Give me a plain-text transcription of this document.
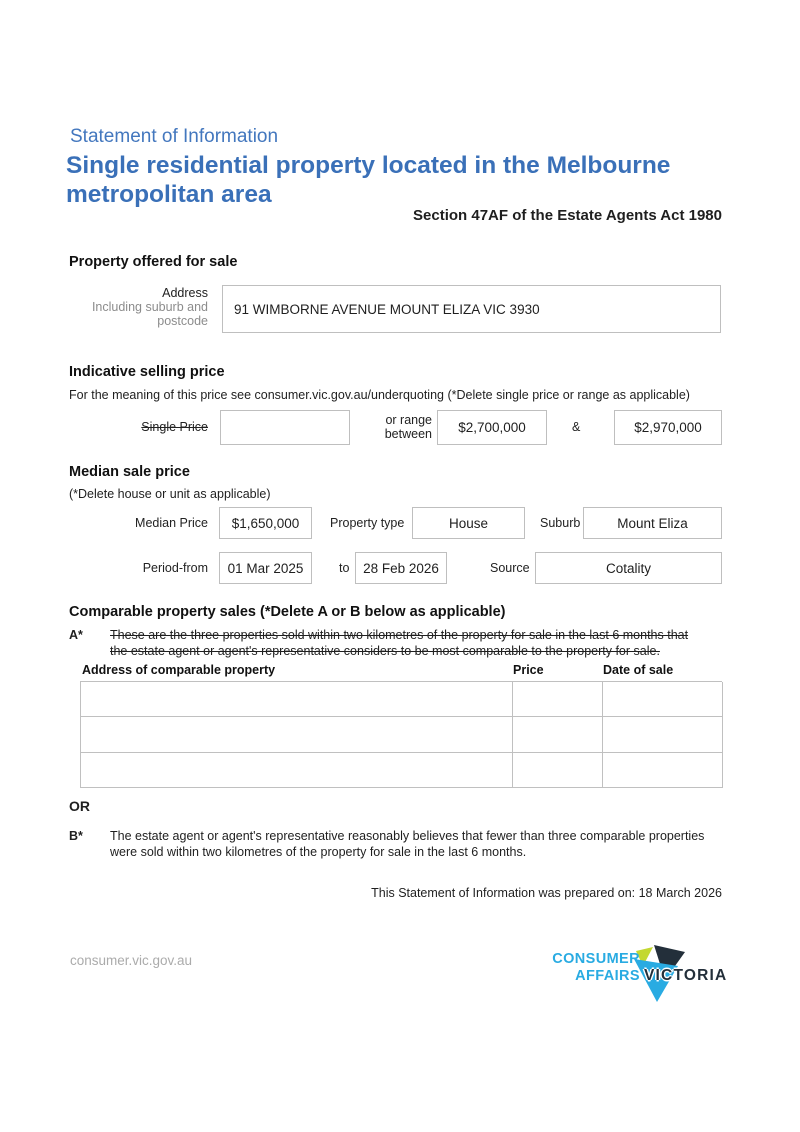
Statement of Information
Single residential property located in the Melbourne metropolitan area
Section 47AF of the Estate Agents Act 1980
Property offered for sale
Address
Including suburb and postcode
91 WIMBORNE AVENUE MOUNT ELIZA VIC 3930
Indicative selling price
For the meaning of this price see consumer.vic.gov.au/underquoting (*Delete single price or range as applicable)
Single Price	or range between $2,700,000	&	$2,970,000
Median sale price
(*Delete house or unit as applicable)
Median Price $1,650,000 Property type	House	Suburb	Mount Eliza
Period-from 01 Mar 2025	to 28 Feb 2026	Source	Cotality
Comparable property sales (*Delete A or B below as applicable)
A* These are the three properties sold within two kilometres of the property for sale in the last 6 months that the estate agent or agent's representative considers to be most comparable to the property for sale.
Address of comparable property	Price	Date of sale
OR
B* The estate agent or agent's representative reasonably believes that fewer than three comparable properties were sold within two kilometres of the property for sale in the last 6 months.
This Statement of Information was prepared on: 18 March 2026
consumer.vic.gov.au	CONSUMER
AFFAIRS VICTORIA
